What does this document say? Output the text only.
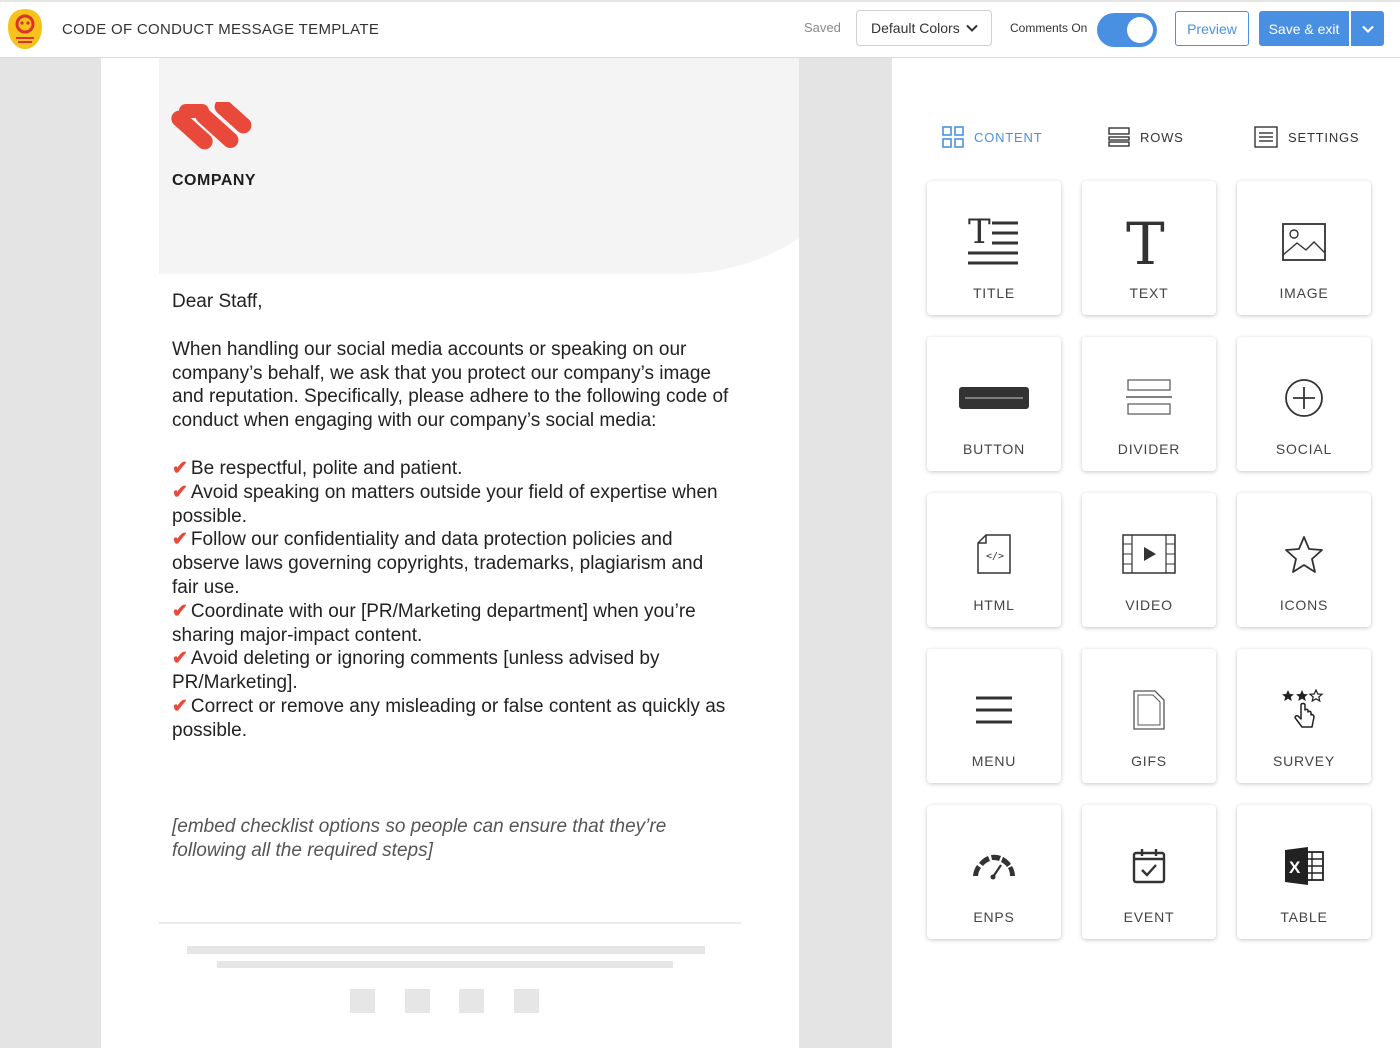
CODE OF CONDUCT MESSAGE TEMPLATE	Saved Default Colors	Comments On	Preview	Save & exit
COMPANY

Dear Staff,

When handling our social media accounts or speaking on our company’s behalf, we ask that you protect our company’s image and reputation. Specifically, please adhere to the following code of conduct when engaging with our company’s social media:

✔ Be respectful, polite and patient.
✔ Avoid speaking on matters outside your field of expertise when possible.
✔ Follow our confidentiality and data protection policies and observe laws governing copyrights, trademarks, plagiarism and fair use.
✔ Coordinate with our [PR/Marketing department] when you’re sharing major-impact content.
✔ Avoid deleting or ignoring comments [unless advised by PR/Marketing].
✔ Correct or remove any misleading or false content as quickly as possible.
[embed checklist options so people can ensure that they’re following all the required steps]
CONTENT	ROWS	SETTINGS
T
TITLE
T
TEXT	IMAGE
BUTTON	DIVIDER	SOCIAL
</>
HTML	VIDEO	ICONS
MENU	GIFS	SURVEY
ENPS	EVENT
X
TABLE
